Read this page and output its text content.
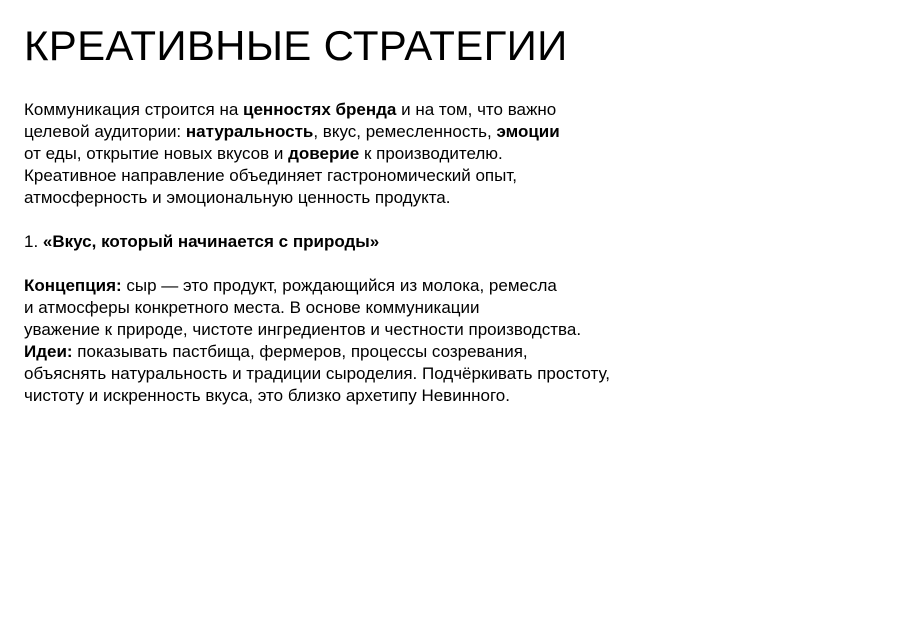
КРЕАТИВНЫЕ СТРАТЕГИИ
Коммуникация строится на ценностях бренда и на том, что важно
целевой аудитории: натуральность, вкус, ремесленность, эмоции
от еды, открытие новых вкусов и доверие к производителю.
Креативное направление объединяет гастрономический опыт,
атмосферность и эмоциональную ценность продукта.
1. «Вкус, который начинается с природы»
Концепция: сыр — это продукт, рождающийся из молока, ремесла
и атмосферы конкретного места. В основе коммуникации
уважение к природе, чистоте ингредиентов и честности производства.
Идеи: показывать пастбища, фермеров, процессы созревания,
объяснять натуральность и традиции сыроделия. Подчёркивать простоту,
чистоту и искренность вкуса, это близко архетипу Невинного.
